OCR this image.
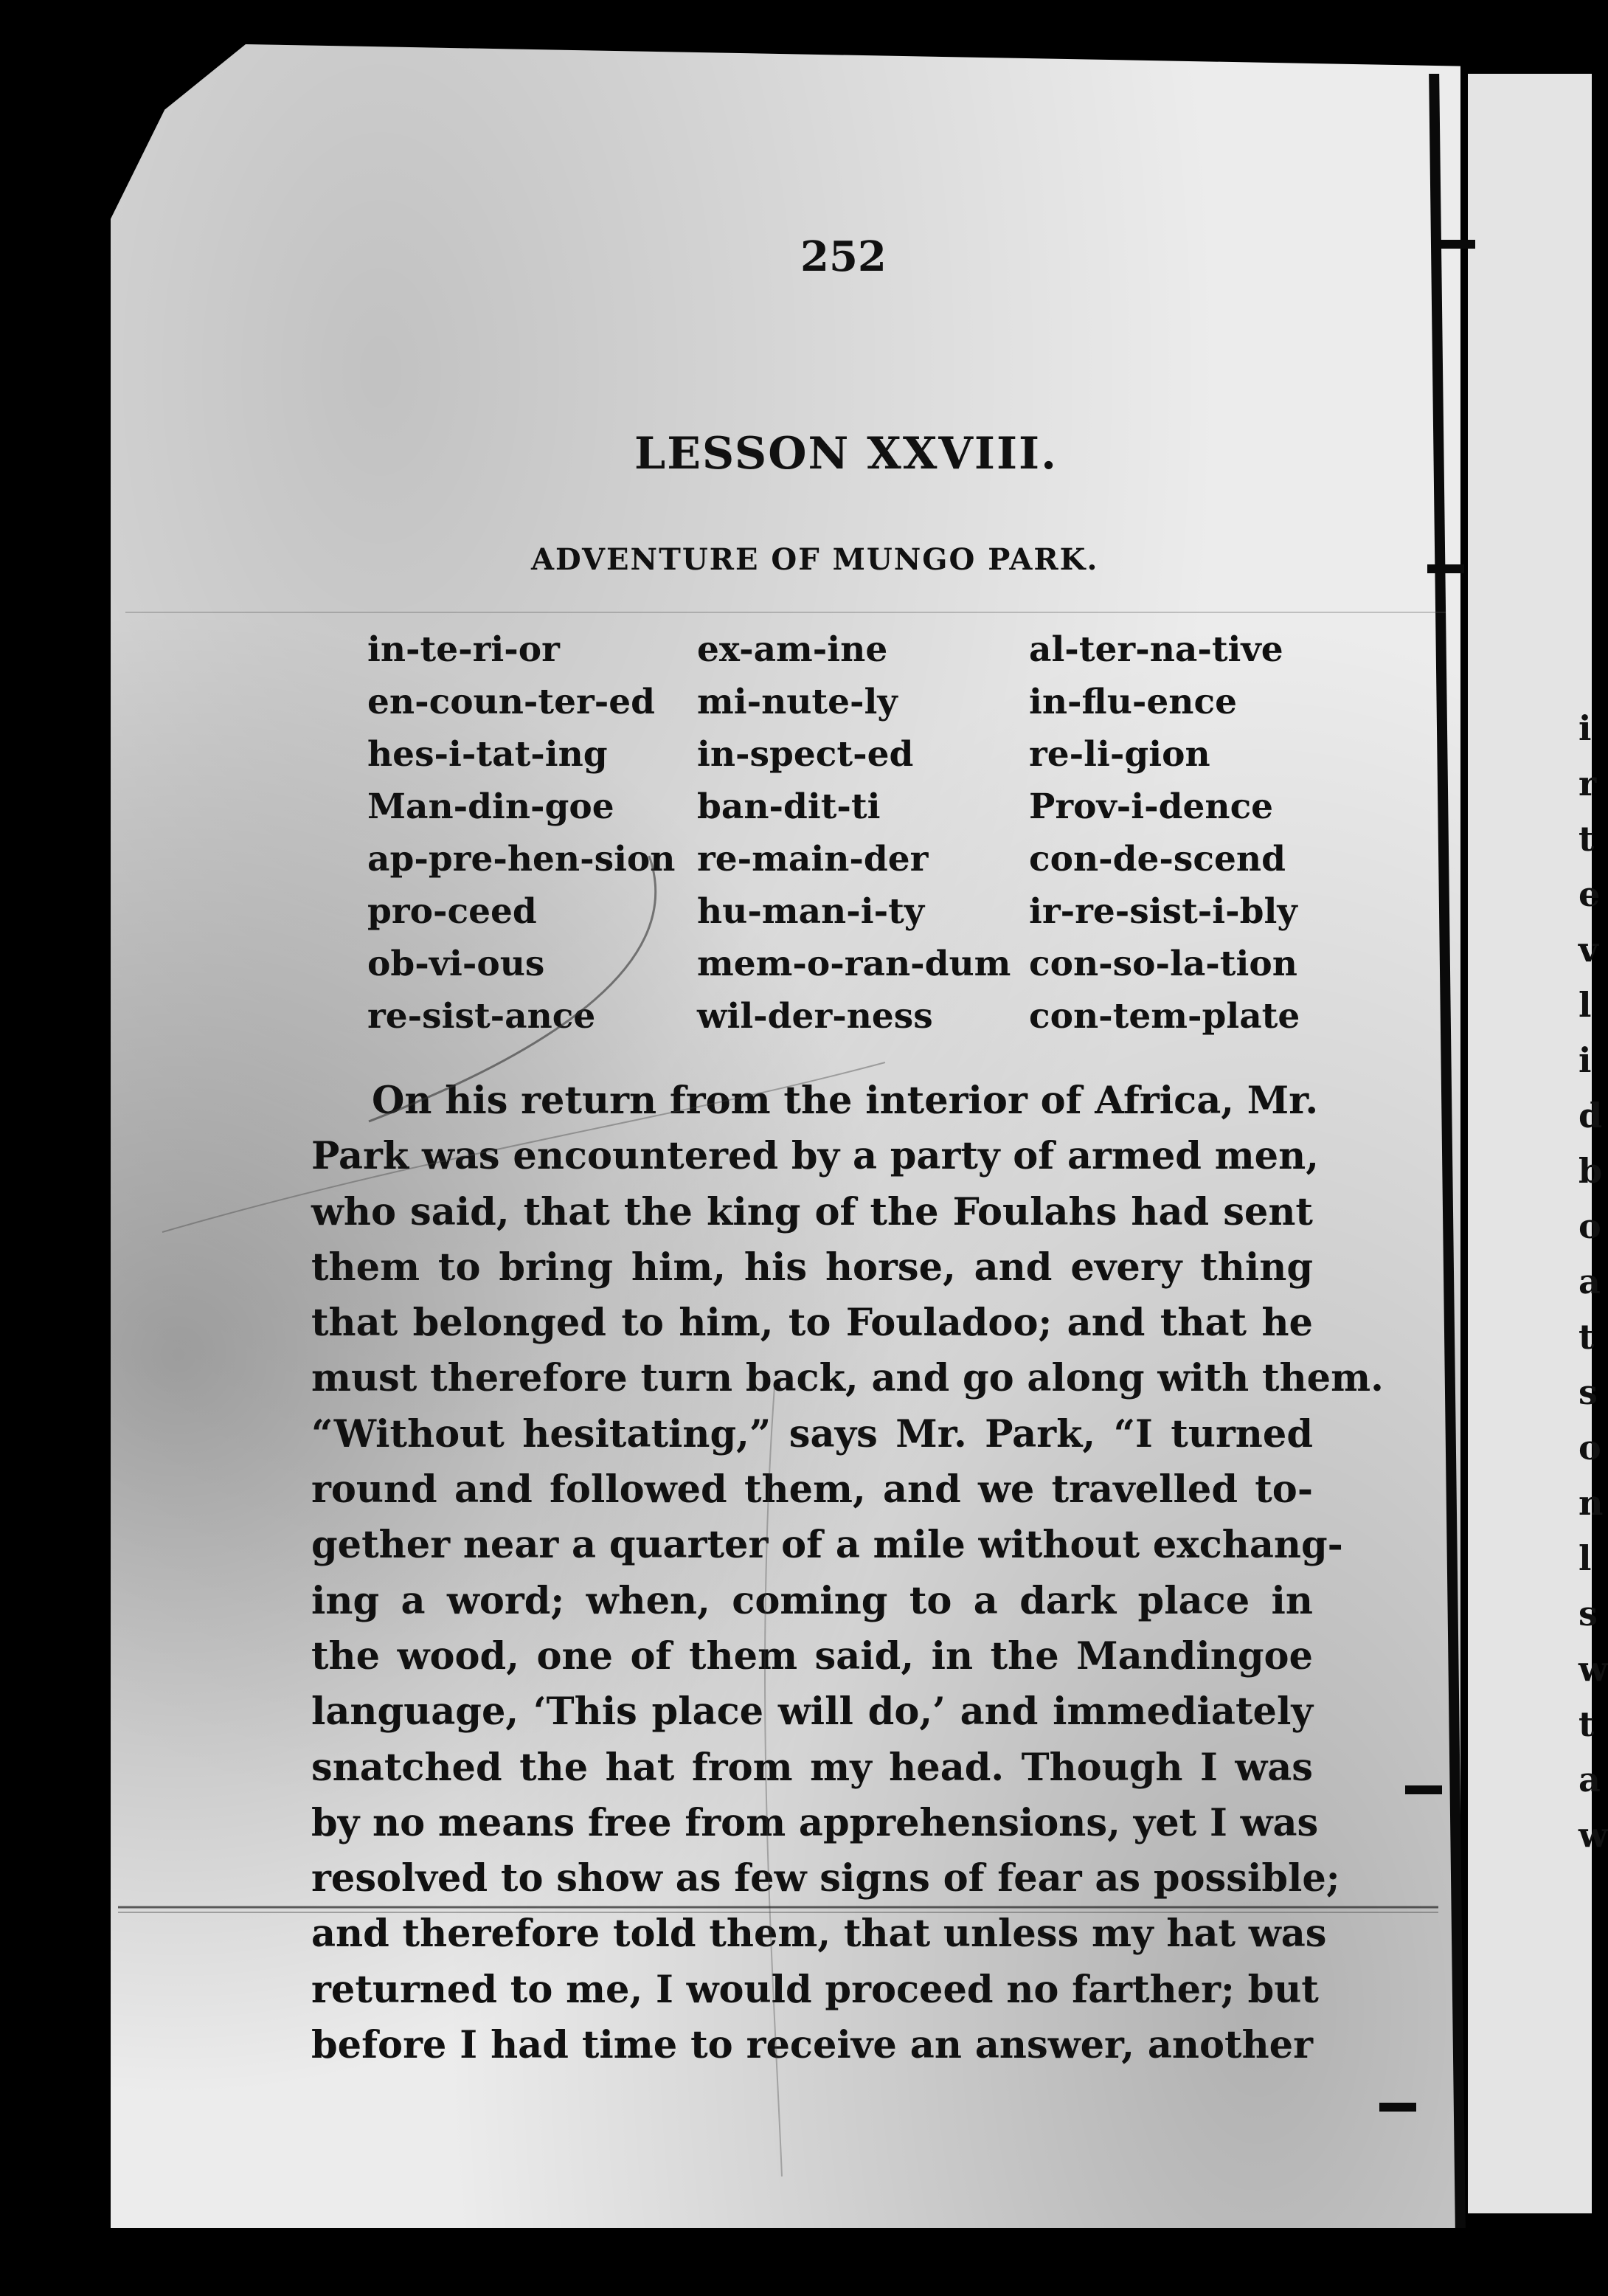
i
r
t
e
v
l
i
d
b
o
a
t
s
o
n
l
s
w
t
a
w
252
LESSON XXVIII.
ADVENTURE OF MUNGO PARK.
in-te-ri-or
en-coun-ter-ed
hes-i-tat-ing
Man-din-goe
ap-pre-hen-sion
pro-ceed
ob-vi-ous
re-sist-ance
ex-am-ine
mi-nute-ly
in-spect-ed
ban-dit-ti
re-main-der
hu-man-i-ty
mem-o-ran-dum
wil-der-ness
al-ter-na-tive
in-flu-ence
re-li-gion
Prov-i-dence
con-de-scend
ir-re-sist-i-bly
con-so-la-tion
con-tem-plate
On his return from the interior of Africa, Mr.
Park was encountered by a party of armed men,
who said, that the king of the Foulahs had sent
them to bring him, his horse, and every thing
that belonged to him, to Fouladoo; and that he
must therefore turn back, and go along with them.
“Without hesitating,” says Mr. Park, “I turned
round and followed them, and we travelled to-
gether near a quarter of a mile without exchang-
ing a word; when, coming to a dark place in
the wood, one of them said, in the Mandingoe
language, ‘This place will do,’ and immediately
snatched the hat from my head. Though I was
by no means free from apprehensions, yet I was
resolved to show as few signs of fear as possible;
and therefore told them, that unless my hat was
returned to me, I would proceed no farther; but
before I had time to receive an answer, another
